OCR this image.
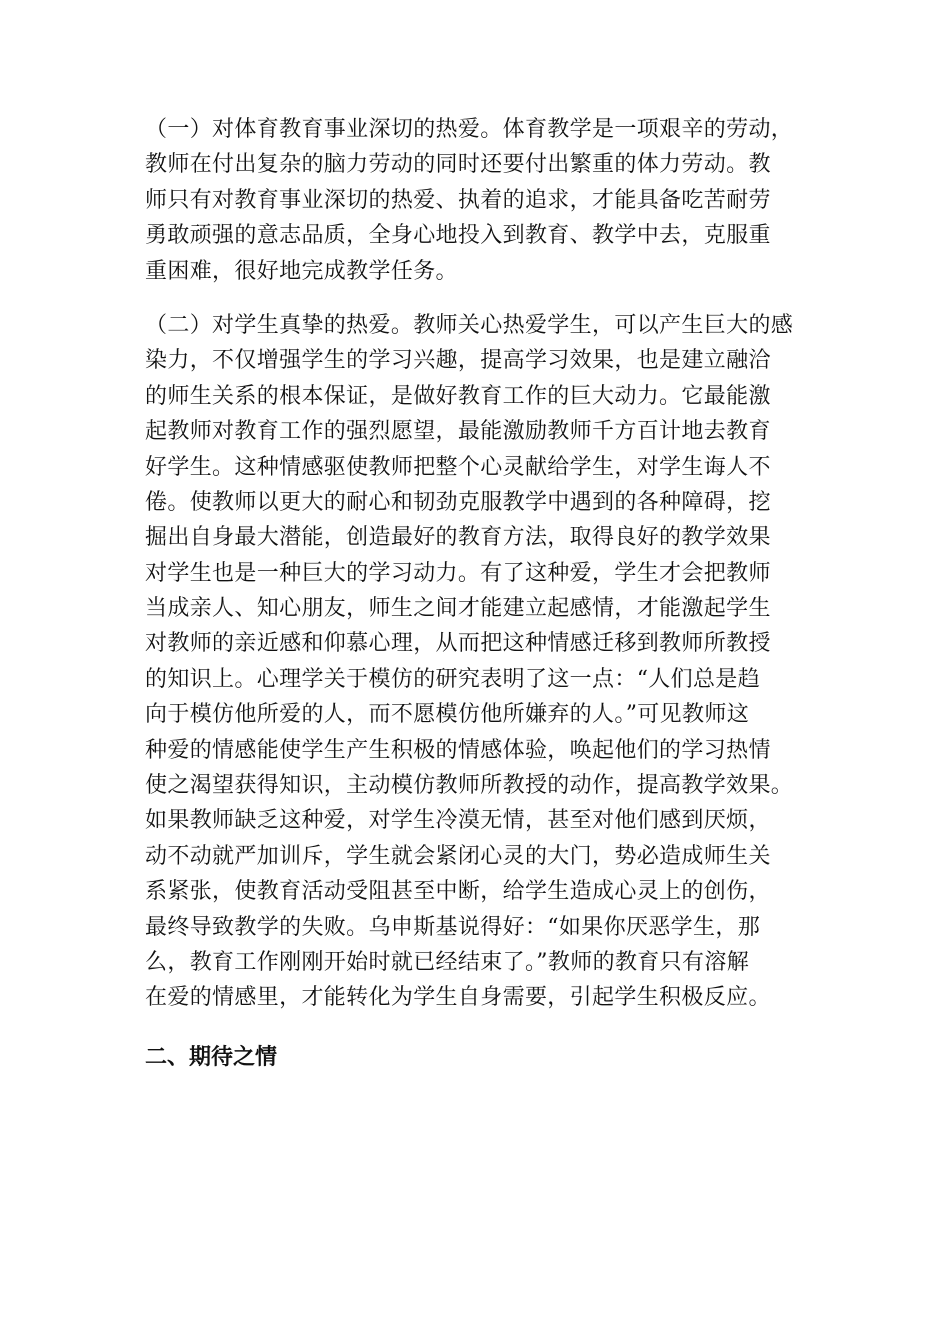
（一）对体育教育事业深切的热爱。体育教学是一项艰辛的劳动，
教师在付出复杂的脑力劳动的同时还要付出繁重的体力劳动。教
师只有对教育事业深切的热爱、执着的追求，才能具备吃苦耐劳
勇敢顽强的意志品质，全身心地投入到教育、教学中去，克服重
重困难，很好地完成教学任务。
（二）对学生真挚的热爱。教师关心热爱学生，可以产生巨大的感
染力，不仅增强学生的学习兴趣，提高学习效果，也是建立融洽
的师生关系的根本保证，是做好教育工作的巨大动力。它最能激
起教师对教育工作的强烈愿望，最能激励教师千方百计地去教育
好学生。这种情感驱使教师把整个心灵献给学生，对学生诲人不
倦。使教师以更大的耐心和韧劲克服教学中遇到的各种障碍，挖
掘出自身最大潜能，创造最好的教育方法，取得良好的教学效果
对学生也是一种巨大的学习动力。有了这种爱，学生才会把教师
当成亲人、知心朋友，师生之间才能建立起感情，才能激起学生
对教师的亲近感和仰慕心理，从而把这种情感迁移到教师所教授
的知识上。心理学关于模仿的研究表明了这一点：“人们总是趋
向于模仿他所爱的人，而不愿模仿他所嫌弃的人。”可见教师这
种爱的情感能使学生产生积极的情感体验，唤起他们的学习热情
使之渴望获得知识，主动模仿教师所教授的动作，提高教学效果。
如果教师缺乏这种爱，对学生冷漠无情，甚至对他们感到厌烦，
动不动就严加训斥，学生就会紧闭心灵的大门，势必造成师生关
系紧张，使教育活动受阻甚至中断，给学生造成心灵上的创伤，
最终导致教学的失败。乌申斯基说得好：“如果你厌恶学生，那
么，教育工作刚刚开始时就已经结束了。”教师的教育只有溶解
在爱的情感里，才能转化为学生自身需要，引起学生积极反应。
二、期待之情
